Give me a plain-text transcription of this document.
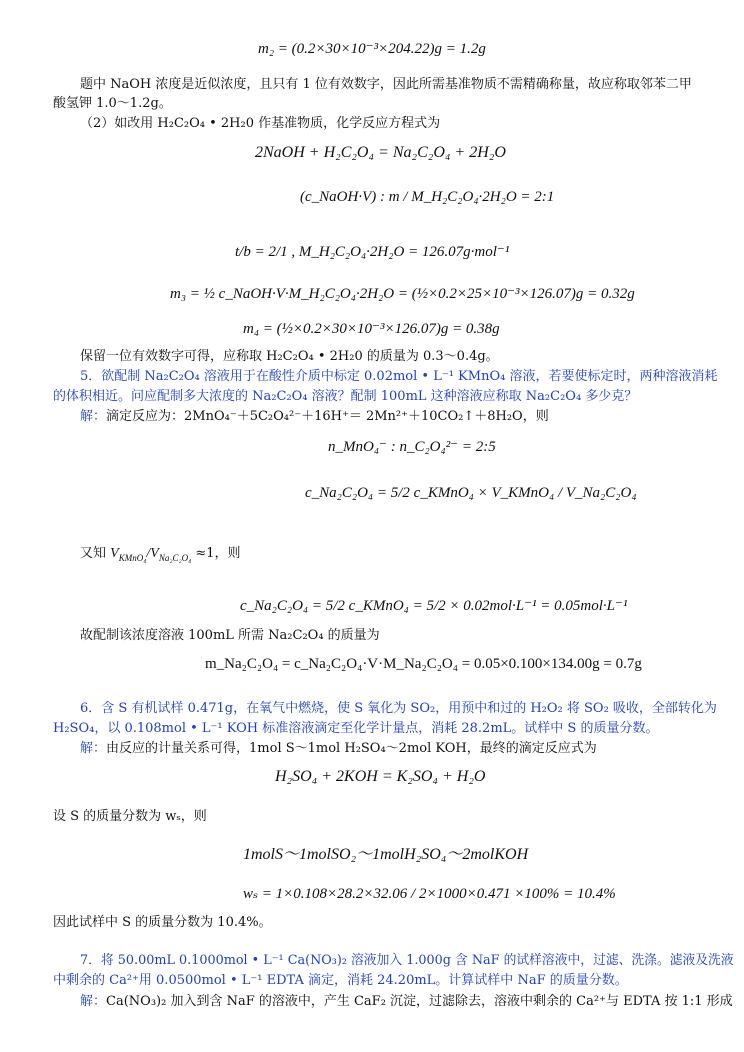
m₂ = (0.2×30×10⁻³×204.22)g = 1.2g
题中 NaOH 浓度是近似浓度，且只有 1 位有效数字，因此所需基准物质不需精确称量，故应称取邻苯二甲
酸氢钾 1.0～1.2g。
（2）如改用 H₂C₂O₄ • 2H₂0 作基准物质，化学反应方程式为
2NaOH + H₂C₂O₄ = Na₂C₂O₄ + 2H₂O
(c_NaOH·V) : m / M_H₂C₂O₄·2H₂O = 2:1
t/b = 2/1 , M_H₂C₂O₄·2H₂O = 126.07g·mol⁻¹
m₃ = ½ c_NaOH·V·M_H₂C₂O₄·2H₂O = (½×0.2×25×10⁻³×126.07)g = 0.32g
m₄ = (½×0.2×30×10⁻³×126.07)g = 0.38g
保留一位有效数字可得，应称取 H₂C₂O₄ • 2H₂0 的质量为 0.3～0.4g。
5．欲配制 Na₂C₂O₄ 溶液用于在酸性介质中标定 0.02mol • L⁻¹ KMnO₄ 溶液，若要使标定时，两种溶液消耗
的体积相近。问应配制多大浓度的 Na₂C₂O₄ 溶液？配制 100mL 这种溶液应称取 Na₂C₂O₄ 多少克？
解：滴定反应为：2MnO₄⁻＋5C₂O₄²⁻＋16H⁺＝ 2Mn²⁺＋10CO₂↑＋8H₂O，则
n_MnO₄⁻ : n_C₂O₄²⁻ = 2:5
c_Na₂C₂O₄ = 5/2 c_KMnO₄ × V_KMnO₄ / V_Na₂C₂O₄
又知 $V_{KMnO_4}/V_{Na_2C_2O_4} \approx 1$，则
c_Na₂C₂O₄ = 5/2 c_KMnO₄ = 5/2 × 0.02mol·L⁻¹ = 0.05mol·L⁻¹
故配制该浓度溶液 100mL 所需 Na₂C₂O₄ 的质量为
m_Na₂C₂O₄ = c_Na₂C₂O₄·V·M_Na₂C₂O₄ = 0.05×0.100×134.00g = 0.7g
6．含 S 有机试样 0.471g，在氧气中燃烧，使 S 氧化为 SO₂，用预中和过的 H₂O₂ 将 SO₂ 吸收，全部转化为
H₂SO₄，以 0.108mol • L⁻¹ KOH 标准溶液滴定至化学计量点，消耗 28.2mL。试样中 S 的质量分数。
解：由反应的计量关系可得，1mol S～1mol H₂SO₄～2mol KOH，最终的滴定反应式为
H₂SO₄ + 2KOH = K₂SO₄ + H₂O
设 S 的质量分数为 wₛ，则
1molS～1molSO₂～1molH₂SO₄～2molKOH
wₛ = 1×0.108×28.2×32.06 / 2×1000×0.471 ×100% = 10.4%
因此试样中 S 的质量分数为 10.4%。
7．将 50.00mL 0.1000mol • L⁻¹ Ca(NO₃)₂ 溶液加入 1.000g 含 NaF 的试样溶液中，过滤、洗涤。滤液及洗液
中剩余的 Ca²⁺用 0.0500mol • L⁻¹ EDTA 滴定，消耗 24.20mL。计算试样中 NaF 的质量分数。
解：Ca(NO₃)₂ 加入到含 NaF 的溶液中，产生 CaF₂ 沉淀，过滤除去，溶液中剩余的 Ca²⁺与 EDTA 按 1:1 形成
